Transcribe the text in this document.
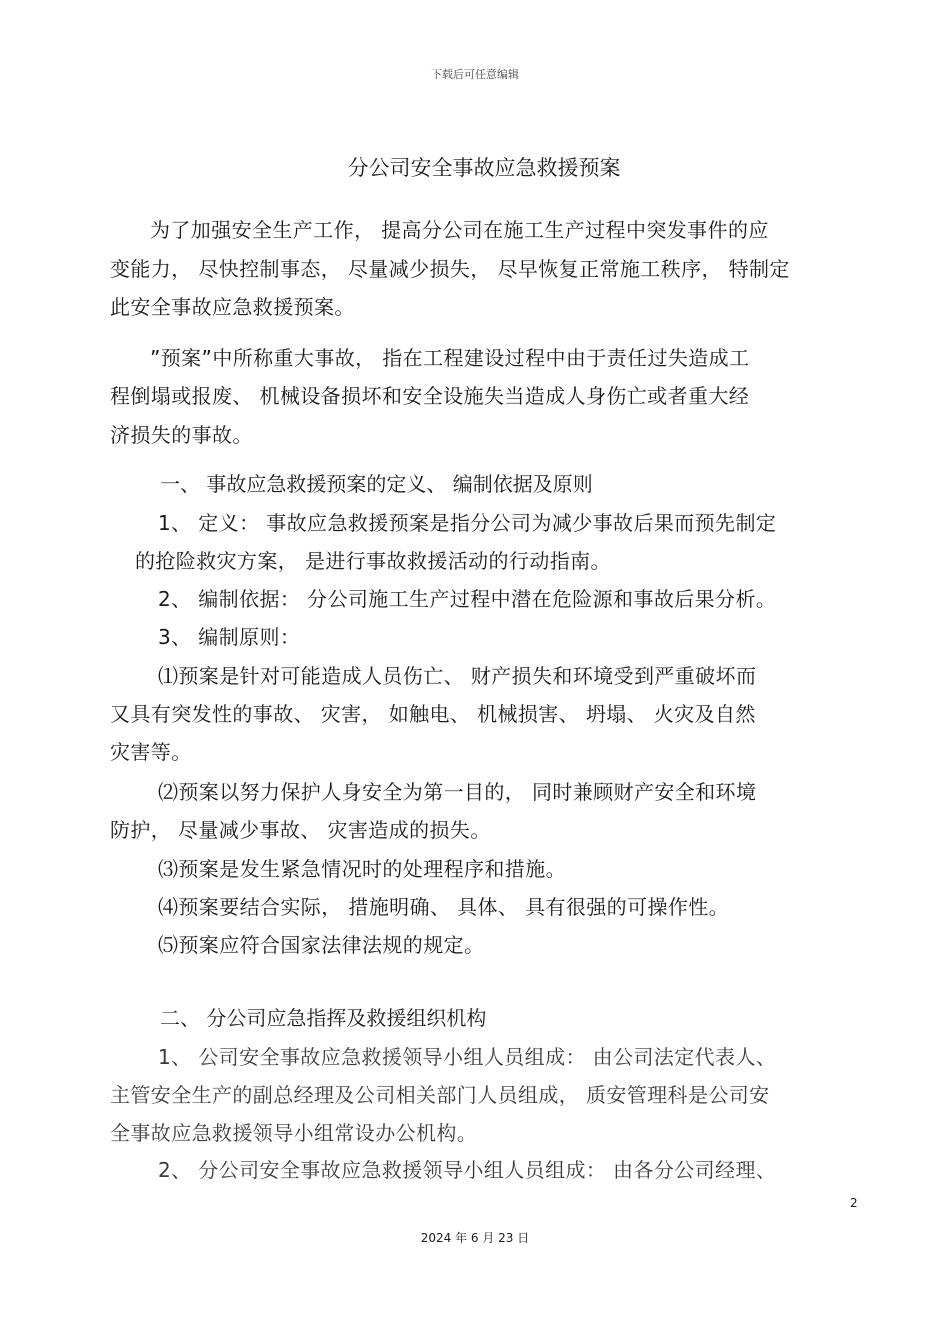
下载后可任意编辑
分公司安全事故应急救援预案
为了加强安全生产工作， 提高分公司在施工生产过程中突发事件的应
变能力， 尽快控制事态， 尽量减少损失， 尽早恢复正常施工秩序， 特制定
此安全事故应急救援预案。
”预案”中所称重大事故， 指在工程建设过程中由于责任过失造成工
程倒塌或报废、 机械设备损坏和安全设施失当造成人身伤亡或者重大经
济损失的事故。
一、 事故应急救援预案的定义、 编制依据及原则
1、 定义： 事故应急救援预案是指分公司为减少事故后果而预先制定
的抢险救灾方案， 是进行事故救援活动的行动指南。
2、 编制依据： 分公司施工生产过程中潜在危险源和事故后果分析。
3、 编制原则：
⑴预案是针对可能造成人员伤亡、 财产损失和环境受到严重破坏而
又具有突发性的事故、 灾害， 如触电、 机械损害、 坍塌、 火灾及自然
灾害等。
⑵预案以努力保护人身安全为第一目的， 同时兼顾财产安全和环境
防护， 尽量减少事故、 灾害造成的损失。
⑶预案是发生紧急情况时的处理程序和措施。
⑷预案要结合实际， 措施明确、 具体、 具有很强的可操作性。
⑸预案应符合国家法律法规的规定。
二、 分公司应急指挥及救援组织机构
1、 公司安全事故应急救援领导小组人员组成： 由公司法定代表人、
主管安全生产的副总经理及公司相关部门人员组成， 质安管理科是公司安
全事故应急救援领导小组常设办公机构。
2、 分公司安全事故应急救援领导小组人员组成： 由各分公司经理、
2
2024 年 6 月 23 日
